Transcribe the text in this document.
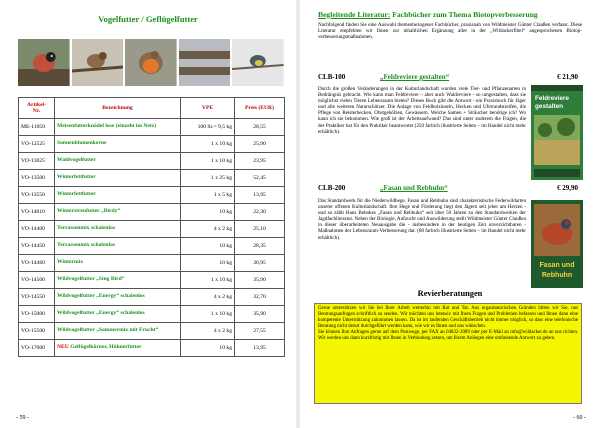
Vogelfutter / Geflügelfutter
Artikel-
Nr.	Bezeichnung	VPE	Preis (EUR)
ME-11050	Meisenfutterknödel lose (einzeln im Netz)	100 St.= 9,5 kg	28,55
VO-12525	Sonnenblumenkerne	1 x 10 kg	25,90
VO-13025	Waldvogelfutter	1 x 10 kg	23,95
VO-13500	Winterfettfutter	1 x 25 kg	52,45
VO-13550	Winterfettfutter	1 x 5 kg	13,95
VO-14010	Winterstreufutter „Birdy“	10 kg	22,30
VO-14400	Terrassenmix schalenlos	4 x 2 kg	25,10
VO-14450	Terrassenmix schalenlos	10 kg	28,35
VO-14460	Wintermix	10 kg	36,95
VO-14500	Wildvogelfutter „Sing Bird“	1 x 10 kg	35,90
VO-14550	Wildvogelfutter „Energy“ schalenlos	4 x 2 kg	32,70
VO-15000	Wildvogelfutter „Energy“ schalenlos	1 x 10 kg	35,90
VO-15500	Wildvogelfutter „Sommermix mit Frucht“	4 x 2 kg	27,55
VO-17000	NEU Geflügelkörner, Hühnerfutter	10 kg	13,95
- 59 -
Begleitende Literatur: Fachbücher zum Thema Biotopverbesserung
Nachfolgend finden Sie eine Auswahl themenbezogener Fachbücher, praxisnah von Wildmeister Günter Claußen verfasst. Diese Literatur empfehlen wir Ihnen zur inhaltlichen Ergänzung aller in der „Wildackerfibel“ angesprochenen Biotop-verbesserungsmaßnahmen.
CLB-100	„Feldreviere gestalten“	€ 21,90
Durch die großen Veränderungen in der Kulturlandschaft wurden viele Tier- und Pflanzenarten in Bedrängnis gebracht. Wie kann man Feldreviere – aber auch Waldreviere - so umgestalten, dass sie möglichst vielen Tieren Lebensraum bieten? Dieses Buch gibt die Antwort - ein Praxisbuch für Jäger und alle weiteren Naturschützer. Die Anlage von Feldholzinseln, Hecken und Uferrandstreifen, die Pflege von Reisterhecken, Obstgehölzen, Gewässern. Welche Samen + Sträucher benötige ich? Wo kann ich sie bekommen. Wie groß ist der Arbeitsaufwand? Das sind unter anderem die Fragen, die der Praktiker hat für den Praktiker beantwortet (250 farbich illustrierte Seiten – im Handel nicht mehr erhältlich).
Feldreviere
gestalten
CLB-200	„Fasan und Rebhuhn“	€ 29,90
Das Standardwerk für die Niederwildhege. Fasan und Rebhuhn sind charakteristische Federwildarten unserer offenen Kulturlandschaft. Ihre Hege und Förderung liegt den Jägern seit jeher am Herzen - und so zählt Hans Behnkes „Fasan und Rebhuhn“ seit über 50 Jahren zu den Standardwerken der Jagdfachliteratur. Neben der Biologie, Aufzucht und Auswilderung stellt Wildmeister Günter Claußen in dieser überarbeiteten Neuausgabe die - insbesondere in der heutigen Zeit unverzichtbaren - Maßnahmen der Lebensraum-Verbesserung dar. (88 farbich illustrierte Seiten – im Handel nicht mehr erhältlich).
Fasan und
Rebhuhn
Revierberatungen
Gerne unterstützen wir Sie bei Ihrer Arbeit weiterhin mit Rat und Tat. Aus organisatorischen Gründen bitten wir Sie, uns Beratungsanfragen schriftlich zu senden. Wir möchten uns intensiv mit Ihren Fragen und Problemen befassen und Ihnen dann eine kompetente Unterstützung zukommen lassen. Da ist im laufenden Geschäftsbetrieb nicht immer möglich, so dass eine telefonische Beratung nicht derart durchgeführt werden kann, wie wir es Ihnen und uns wünschen.
Sie können Ihre Anfragen gerne auf dem Postwege, per FAX an 04832-2089 oder per E-Mail an info@wildacker.de an uns richten. Wir werden uns dann kurzfristig mit Ihnen in Verbindung setzen, um Ihrem Anliegen eine umfassende Antwort zu geben.
- 60 -
